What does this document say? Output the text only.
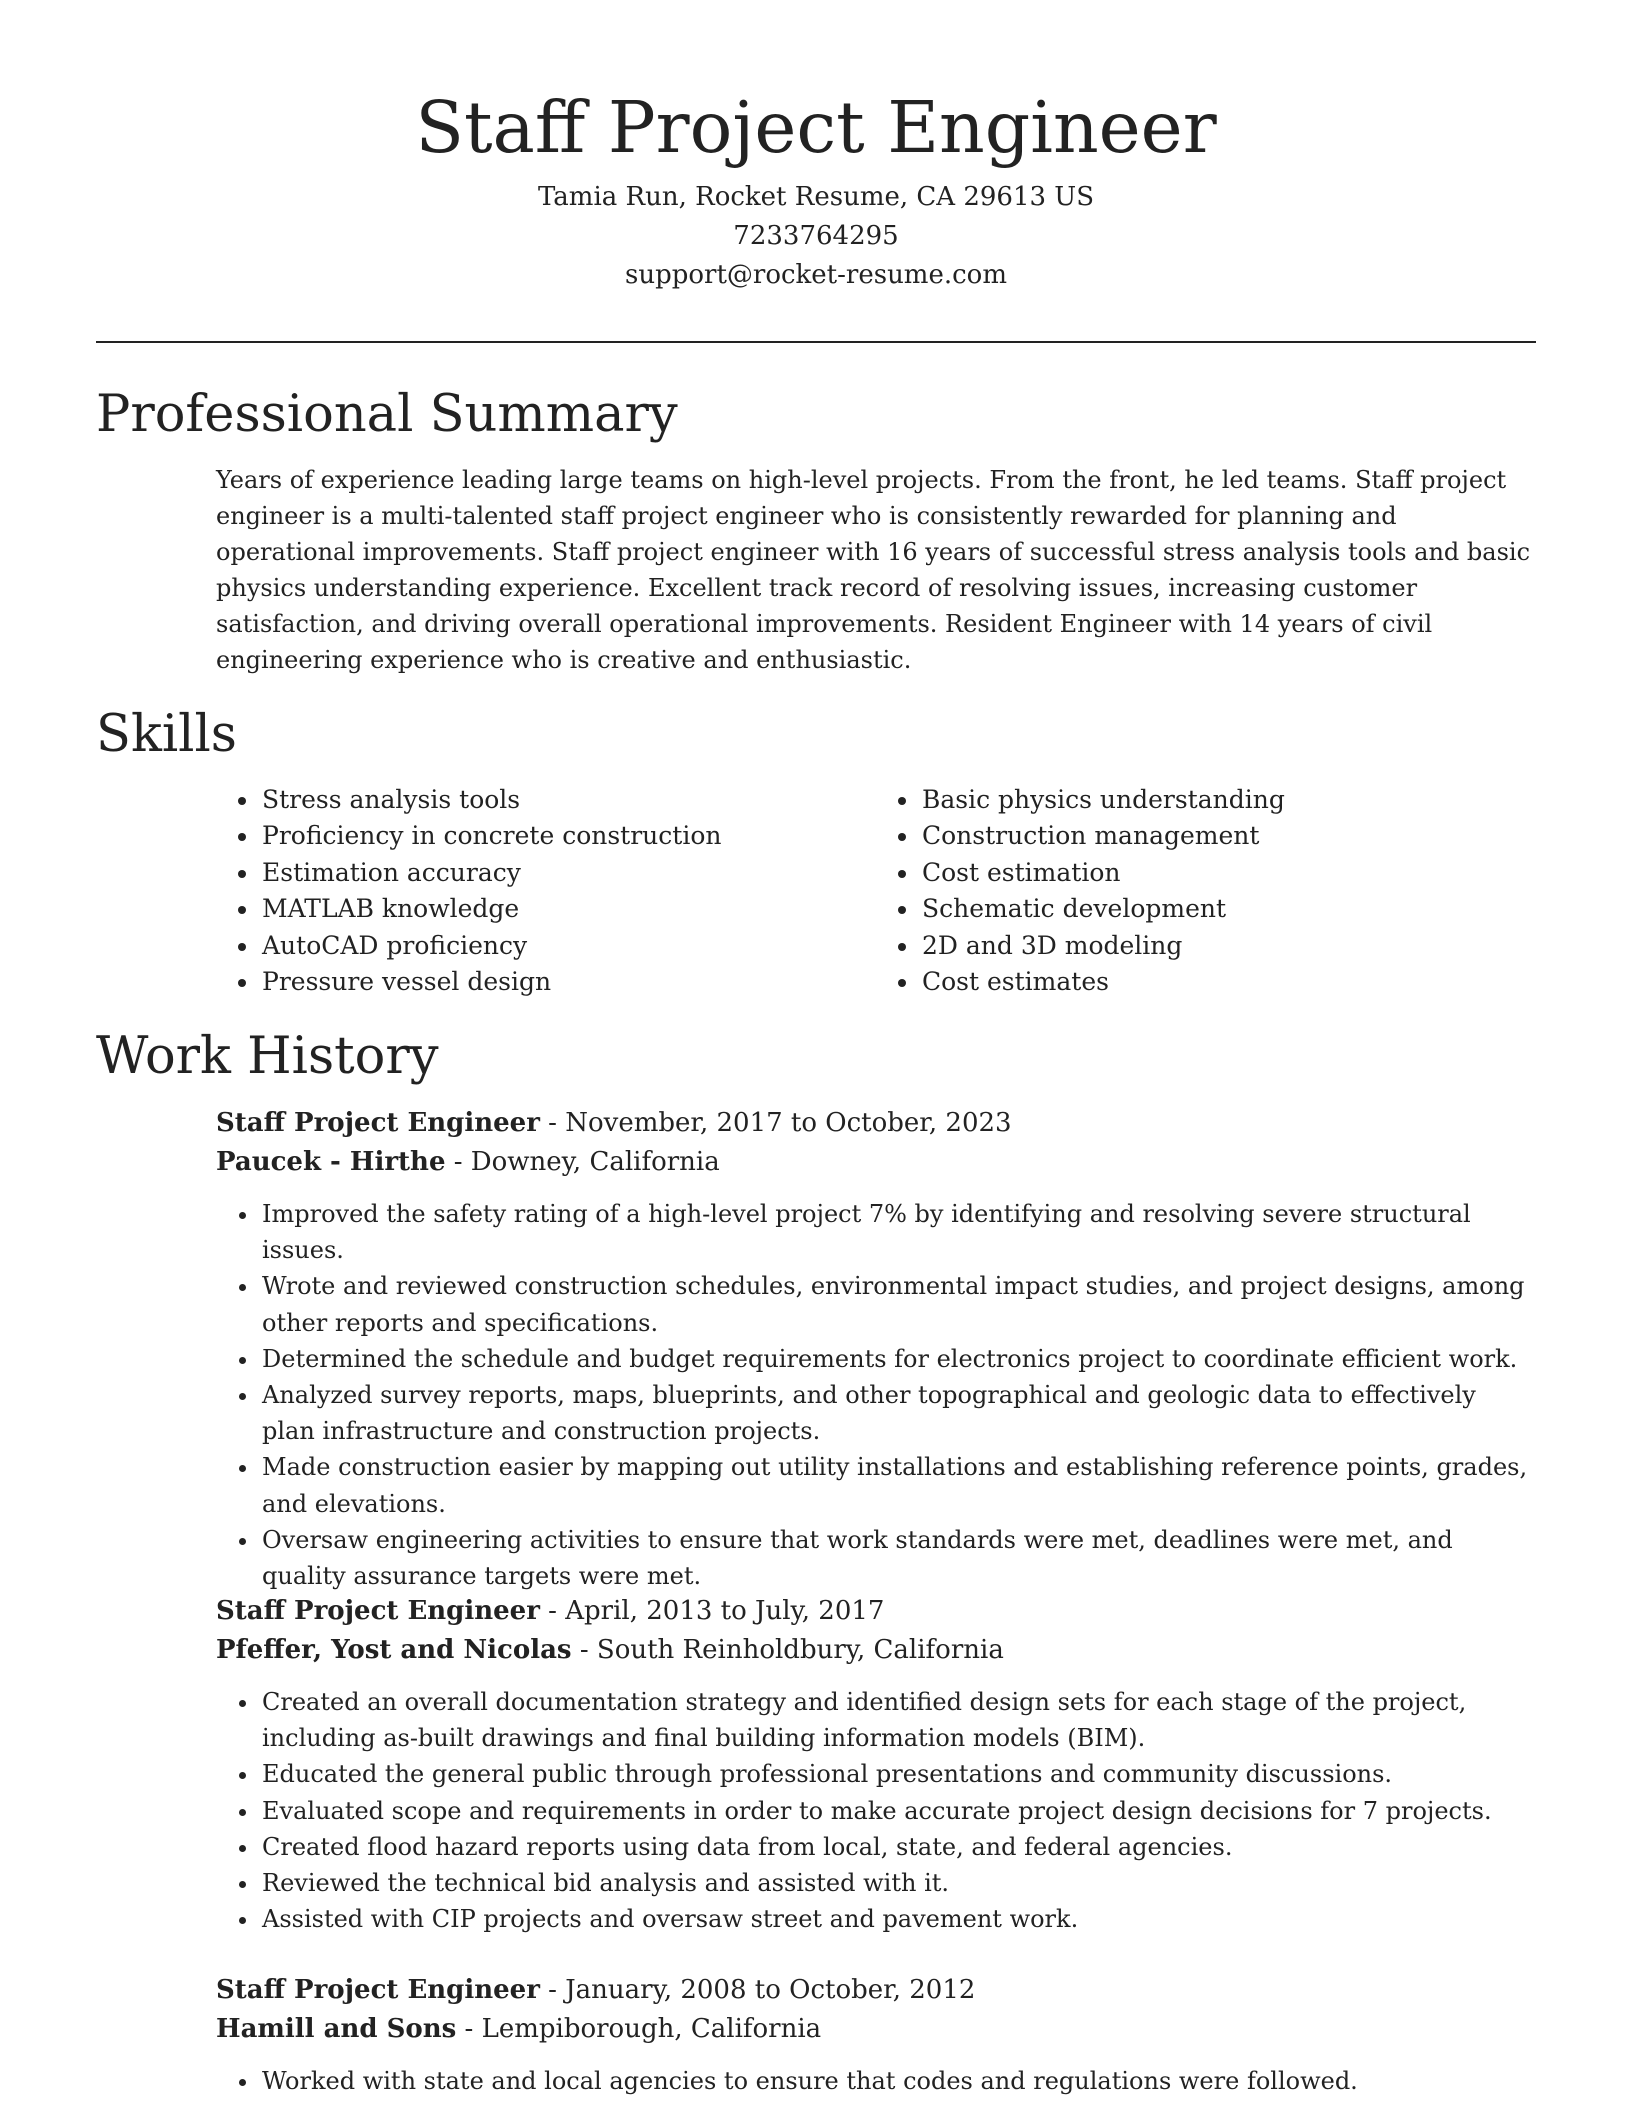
Staff Project Engineer

Tamia Run, Rocket Resume, CA 29613 US

7233764295

support@rocket-resume.com

Professional Summary

Years of experience leading large teams on high-level projects. From the front, he led teams. Staff project engineer is a multi-talented staff project engineer who is consistently rewarded for planning and operational improvements. Staff project engineer with 16 years of successful stress analysis tools and basic physics understanding experience. Excellent track record of resolving issues, increasing customer satisfaction, and driving overall operational improvements. Resident Engineer with 14 years of civil engineering experience who is creative and enthusiastic.

Skills
• Stress analysis tools
• Proficiency in concrete construction
• Estimation accuracy
• MATLAB knowledge
• AutoCAD proficiency
• Pressure vessel design
• Basic physics understanding
• Construction management
• Cost estimation
• Schematic development
• 2D and 3D modeling
• Cost estimates
Work History

Staff Project Engineer - November, 2017 to October, 2023

Paucek - Hirthe - Downey, California

• Improved the safety rating of a high-level project 7% by identifying and resolving severe structural issues.
• Wrote and reviewed construction schedules, environmental impact studies, and project designs, among other reports and specifications.
• Determined the schedule and budget requirements for electronics project to coordinate efficient work.
• Analyzed survey reports, maps, blueprints, and other topographical and geologic data to effectively plan infrastructure and construction projects.
• Made construction easier by mapping out utility installations and establishing reference points, grades, and elevations.
• Oversaw engineering activities to ensure that work standards were met, deadlines were met, and quality assurance targets were met.

Staff Project Engineer - April, 2013 to July, 2017

Pfeffer, Yost and Nicolas - South Reinholdbury, California

• Created an overall documentation strategy and identified design sets for each stage of the project, including as-built drawings and final building information models (BIM).
• Educated the general public through professional presentations and community discussions.
• Evaluated scope and requirements in order to make accurate project design decisions for 7 projects.
• Created flood hazard reports using data from local, state, and federal agencies.
• Reviewed the technical bid analysis and assisted with it.
• Assisted with CIP projects and oversaw street and pavement work.

Staff Project Engineer - January, 2008 to October, 2012

Hamill and Sons - Lempiborough, California

• Worked with state and local agencies to ensure that codes and regulations were followed.
